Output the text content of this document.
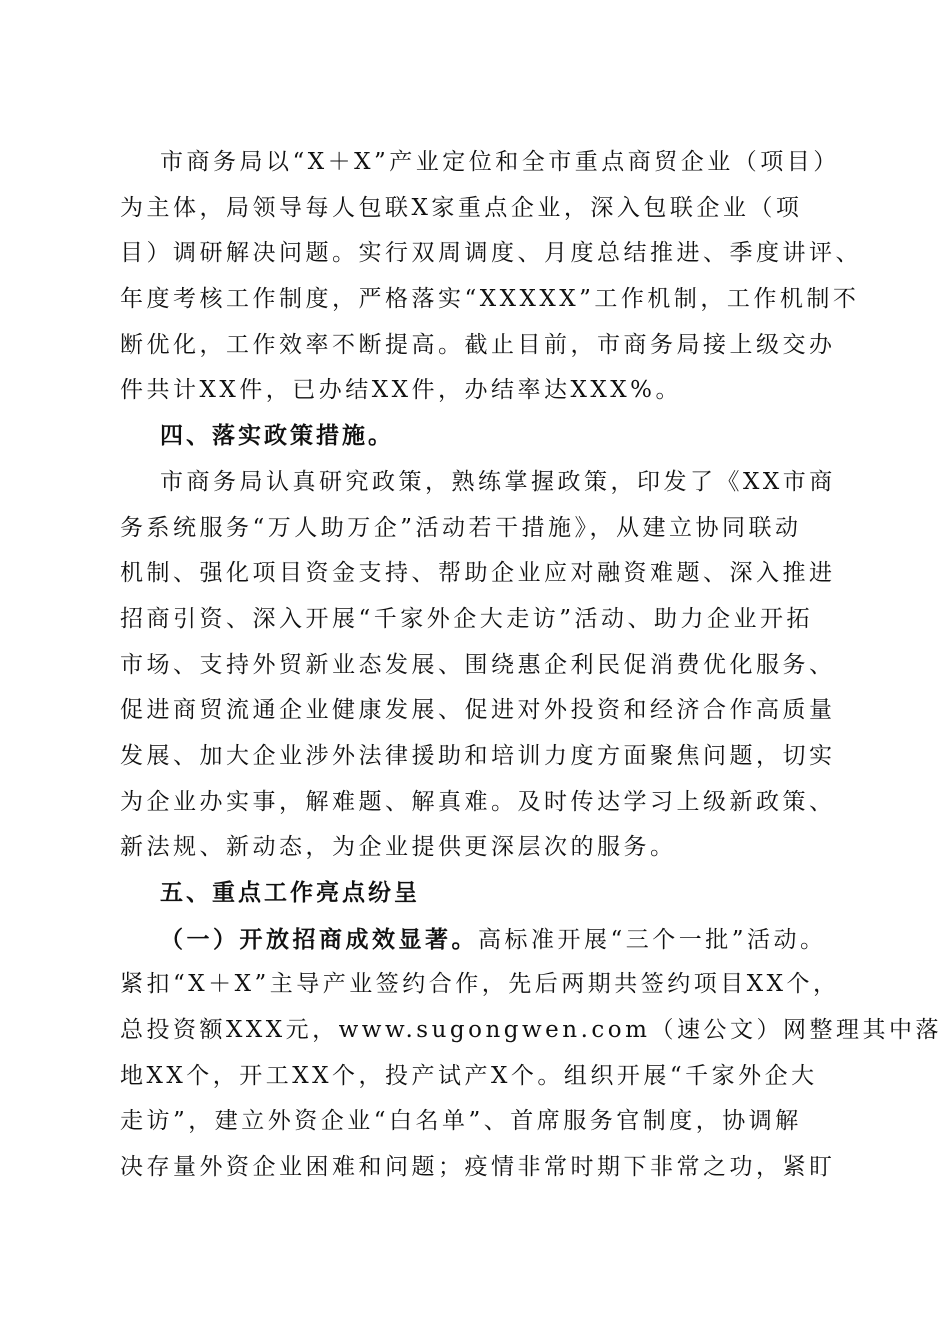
市商务局以“X＋X”产业定位和全市重点商贸企业（项目）
为主体，局领导每人包联X家重点企业，深入包联企业（项
目）调研解决问题。实行双周调度、月度总结推进、季度讲评、
年度考核工作制度，严格落实“XXXXX”工作机制，工作机制不
断优化，工作效率不断提高。截止目前，市商务局接上级交办
件共计XX件，已办结XX件，办结率达XXX%。
四、落实政策措施。
市商务局认真研究政策，熟练掌握政策，印发了《XX市商
务系统服务“万人助万企”活动若干措施》，从建立协同联动
机制、强化项目资金支持、帮助企业应对融资难题、深入推进
招商引资、深入开展“千家外企大走访”活动、助力企业开拓
市场、支持外贸新业态发展、围绕惠企利民促消费优化服务、
促进商贸流通企业健康发展、促进对外投资和经济合作高质量
发展、加大企业涉外法律援助和培训力度方面聚焦问题，切实
为企业办实事，解难题、解真难。及时传达学习上级新政策、
新法规、新动态，为企业提供更深层次的服务。
五、重点工作亮点纷呈
（一）开放招商成效显著。高标准开展“三个一批”活动。
紧扣“X＋X”主导产业签约合作，先后两期共签约项目XX个，
总投资额XXX元，www.sugongwen.com（速公文）网整理其中落
地XX个，开工XX个，投产试产X个。组织开展“千家外企大
走访”，建立外资企业“白名单”、首席服务官制度，协调解
决存量外资企业困难和问题；疫情非常时期下非常之功，紧盯
